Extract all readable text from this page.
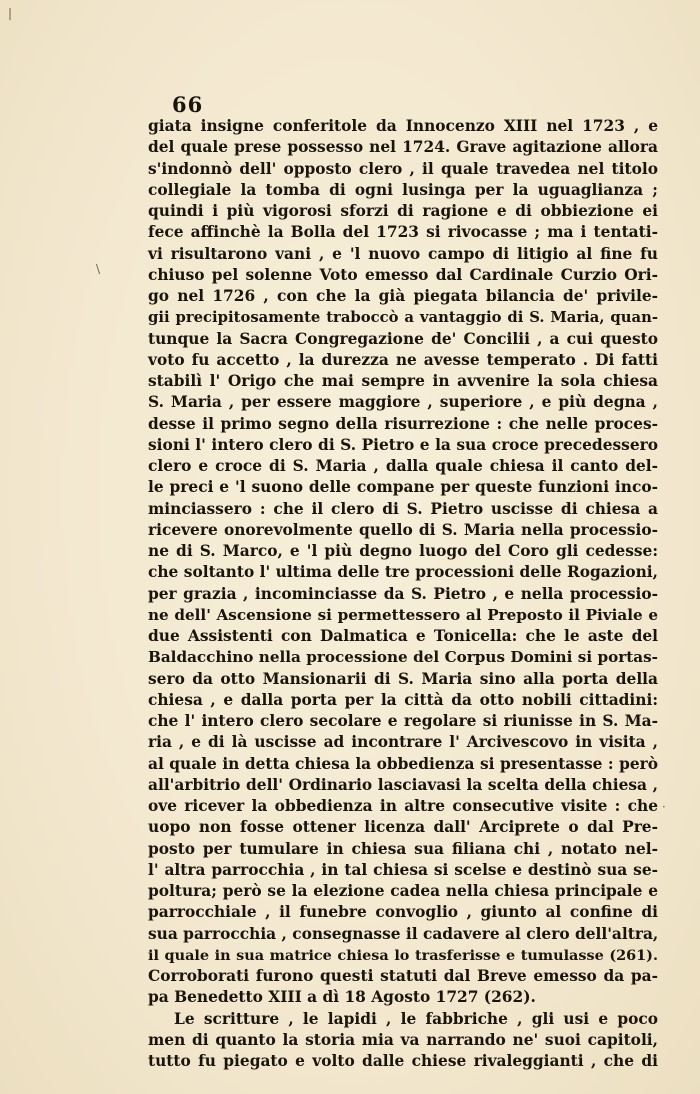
66
giata insigne conferitole da Innocenzo XIII nel 1723 , e
del quale prese possesso nel 1724. Grave agitazione allora
s'indonnò dell' opposto clero , il quale travedea nel titolo
collegiale la tomba di ogni lusinga per la uguaglianza ;
quindi i più vigorosi sforzi di ragione e di obbiezione ei
fece affinchè la Bolla del 1723 si rivocasse ; ma i tentati-
vi risultarono vani , e 'l nuovo campo di litigio al fine fu
chiuso pel solenne Voto emesso dal Cardinale Curzio Ori-
go nel 1726 , con che la già piegata bilancia de' privile-
gii precipitosamente traboccò a vantaggio di S. Maria, quan-
tunque la Sacra Congregazione de' Concilii , a cui questo
voto fu accetto , la durezza ne avesse temperato . Di fatti
stabilì l' Origo che mai sempre in avvenire la sola chiesa
S. Maria , per essere maggiore , superiore , e più degna ,
desse il primo segno della risurrezione : che nelle proces-
sioni l' intero clero di S. Pietro e la sua croce precedessero
clero e croce di S. Maria , dalla quale chiesa il canto del-
le preci e 'l suono delle compane per queste funzioni inco-
minciassero : che il clero di S. Pietro uscisse di chiesa a
ricevere onorevolmente quello di S. Maria nella processio-
ne di S. Marco, e 'l più degno luogo del Coro gli cedesse:
che soltanto l' ultima delle tre processioni delle Rogazioni,
per grazia , incominciasse da S. Pietro , e nella processio-
ne dell' Ascensione si permettessero al Preposto il Piviale e
due Assistenti con Dalmatica e Tonicella: che le aste del
Baldacchino nella processione del Corpus Domini si portas-
sero da otto Mansionarii di S. Maria sino alla porta della
chiesa , e dalla porta per la città da otto nobili cittadini:
che l' intero clero secolare e regolare si riunisse in S. Ma-
ria , e di là uscisse ad incontrare l' Arcivescovo in visita ,
al quale in detta chiesa la obbedienza si presentasse : però
all'arbitrio dell' Ordinario lasciavasi la scelta della chiesa ,
ove ricever la obbedienza in altre consecutive visite : che
uopo non fosse ottener licenza dall' Arciprete o dal Pre-
posto per tumulare in chiesa sua filiana chi , notato nel-
l' altra parrocchia , in tal chiesa si scelse e destinò sua se-
poltura; però se la elezione cadea nella chiesa principale e
parrocchiale , il funebre convoglio , giunto al confine di
sua parrocchia , consegnasse il cadavere al clero dell'altra,
il quale in sua matrice chiesa lo trasferisse e tumulasse (261).
Corroborati furono questi statuti dal Breve emesso da pa-
pa Benedetto XIII a dì 18 Agosto 1727 (262).
Le scritture , le lapidi , le fabbriche , gli usi e poco
men di quanto la storia mia va narrando ne' suoi capitoli,
tutto fu piegato e volto dalle chiese rivaleggianti , che di
|
\
·
